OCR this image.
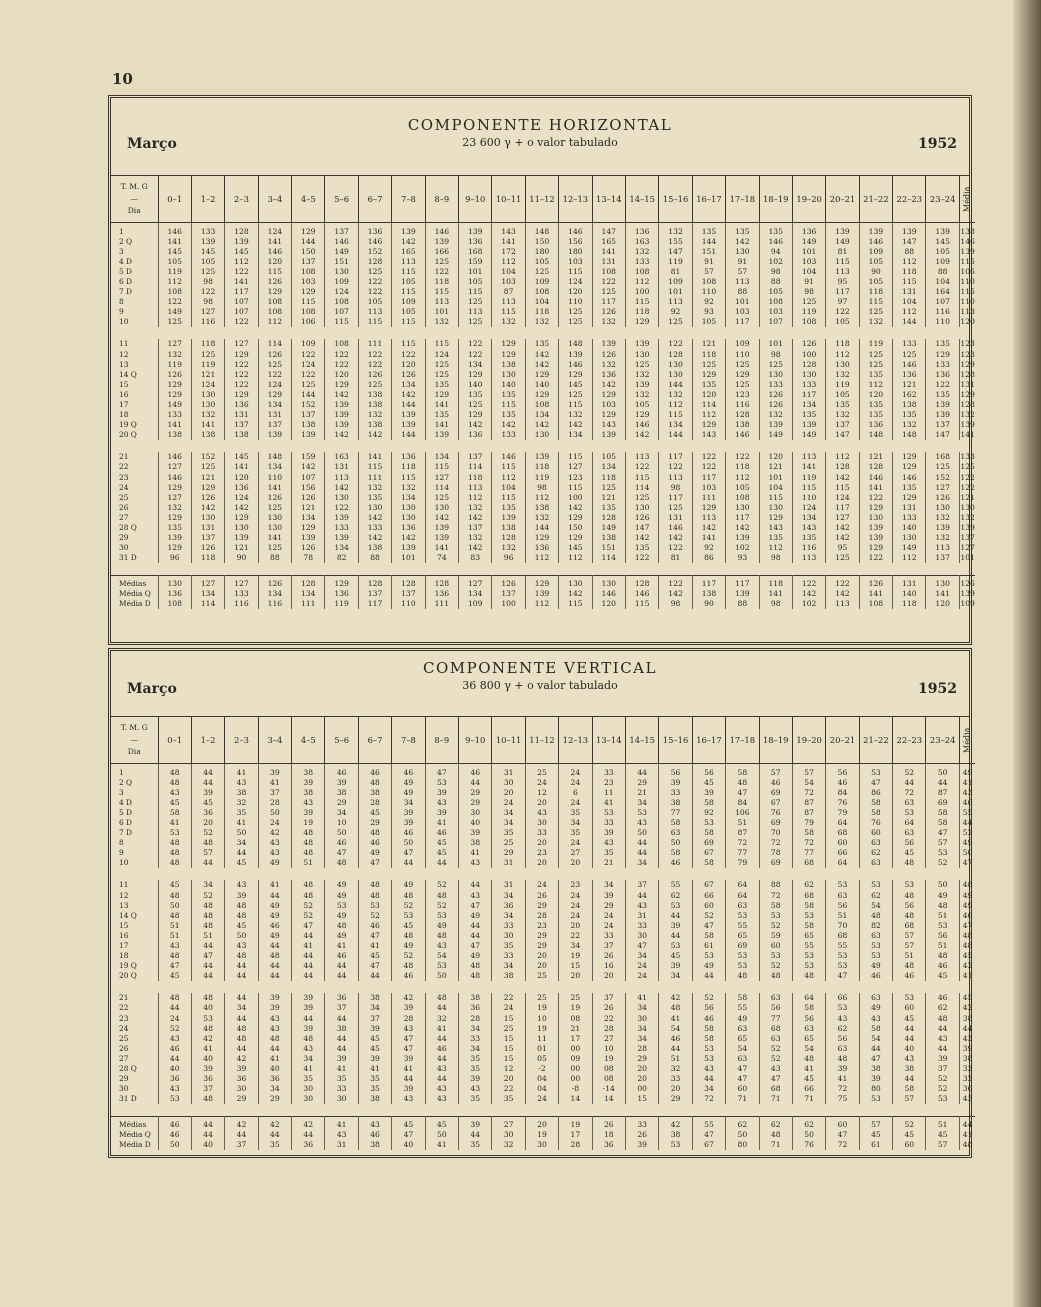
10
COMPONENTE HORIZONTAL
23 600 γ + o valor tabulado
Março	1952
T. M. G
—
Dia	0–1	1–2	2–3	3–4	4–5	5–6	6–7	7–8	8–9	9–10	10–11	11–12	12–13	13–14	14–15	15–16	16–17	17–18	18–19	19–20	20–21	21–22	22–23	23–24	Média
1	146	133	128	124	129	137	136	139	146	139	143	148	146	147	136	132	135	135	135	136	139	139	139	139	138
2 Q	141	139	139	141	144	146	146	142	139	136	141	150	156	165	163	155	144	142	146	149	149	146	147	145	146
3	145	145	145	146	150	149	152	165	166	168	172	180	180	141	132	147	151	130	94	101	81	109	88	105	139
4 D	105	105	112	120	137	151	128	113	125	159	112	105	103	131	133	119	91	91	102	103	115	105	112	109	115
5 D	119	125	122	115	108	130	125	115	122	101	104	125	115	108	108	81	57	57	98	104	113	90	118	88	106
6 D	112	98	141	126	103	109	122	105	118	105	103	109	124	122	112	109	108	113	88	91	95	105	115	104	110
7 D	108	122	117	129	129	124	122	115	115	115	87	108	120	125	100	101	110	88	105	98	117	118	131	164	115
8	122	98	107	108	115	108	105	109	113	125	113	104	110	117	115	113	92	101	108	125	97	115	104	107	110
9	149	127	107	108	108	107	113	105	101	113	115	118	125	126	118	92	93	103	103	119	122	125	112	116	113
10	125	116	122	112	106	115	115	115	132	125	132	132	125	132	129	125	105	117	107	108	105	132	144	110	120

11	127	118	127	114	109	108	111	115	115	122	129	135	148	139	139	122	121	109	101	126	118	119	133	135	123
12	132	125	129	126	122	122	122	122	124	122	129	142	139	126	130	128	118	110	98	100	112	125	125	129	123
13	119	119	122	125	124	122	122	120	125	134	138	142	146	132	125	130	125	125	125	128	130	125	146	133	129
14 Q	126	121	122	122	122	120	126	126	125	129	130	129	129	136	132	130	129	129	130	130	132	135	136	136	128
15	129	124	122	124	125	129	125	134	135	140	140	140	145	142	139	144	135	125	133	133	119	112	121	122	131
16	129	130	129	129	144	142	138	142	129	135	135	129	125	129	132	132	120	123	126	117	105	120	162	135	129
17	149	130	136	134	152	139	138	144	141	125	115	108	115	103	105	112	114	116	126	134	135	135	138	139	128
18	133	132	131	131	137	139	132	139	135	129	135	134	132	129	129	115	112	128	132	135	132	135	135	139	132
19 Q	141	141	137	137	138	139	138	139	141	142	142	142	142	143	146	134	129	138	139	139	137	136	132	137	139
20 Q	138	138	138	139	139	142	142	144	139	136	133	130	134	139	142	144	143	146	149	149	147	148	148	147	141

21	146	152	145	148	159	163	141	136	134	137	146	139	115	105	113	117	122	122	120	113	112	121	129	168	133
22	127	125	141	134	142	131	115	118	115	114	115	118	127	134	122	122	122	118	121	141	128	128	129	125	125
23	146	121	120	110	107	113	111	115	127	118	112	119	123	118	115	113	117	112	101	119	142	146	146	152	122
24	129	129	136	141	156	142	132	132	114	113	104	98	115	125	114	98	103	105	104	115	115	141	135	127	122
25	127	126	124	126	126	130	135	134	125	112	115	112	100	121	125	117	111	108	115	110	124	122	129	126	121
26	132	142	142	125	121	122	130	130	130	132	135	138	142	135	130	125	129	130	130	124	117	129	131	130	130
27	129	130	129	130	134	139	142	130	142	142	139	132	129	128	126	131	113	117	129	134	127	130	133	132	132
28 Q	135	131	130	130	129	133	133	136	139	137	138	144	150	149	147	146	142	142	143	143	142	139	140	139	139
29	139	137	139	141	139	139	142	142	139	132	128	129	129	138	142	142	141	139	135	135	142	139	130	132	137
30	129	126	121	125	126	134	138	139	141	142	132	136	145	151	135	122	92	102	112	116	95	129	149	113	127
31 D	96	118	90	88	78	82	88	101	74	83	96	112	112	114	122	81	86	93	98	113	125	122	112	137	101

Médias	130	127	127	126	128	129	128	128	128	127	126	129	130	130	128	122	117	117	118	122	122	126	131	130	126
Média Q	136	134	133	134	134	136	137	137	136	134	137	139	142	146	146	142	138	139	141	142	142	141	140	141	139
Média D	108	114	116	116	111	119	117	110	111	109	100	112	115	120	115	98	90	88	98	102	113	108	118	120	109
COMPONENTE VERTICAL
36 800 γ + o valor tabulado
Março	1952
T. M. G
—
Dia	0–1	1–2	2–3	3–4	4–5	5–6	6–7	7–8	8–9	9–10	10–11	11–12	12–13	13–14	14–15	15–16	16–17	17–18	18–19	19–20	20–21	21–22	22–23	23–24	Média
1	48	44	41	39	38	46	46	46	47	46	31	25	24	33	44	56	56	58	57	57	56	53	52	50	49
2 Q	48	44	43	41	39	39	48	49	53	44	30	24	24	23	29	39	45	48	46	54	46	47	44	44	41
3	43	39	38	37	38	38	38	49	39	29	20	12	6	11	21	33	39	47	69	72	84	86	72	87	43
4 D	45	45	32	28	43	29	28	34	43	29	24	20	24	41	34	38	58	84	67	87	76	58	63	69	46
5 D	58	36	35	50	39	34	45	39	39	30	34	43	35	53	53	77	92	106	76	87	79	58	53	58	55
6 D	41	20	41	24	19	10	29	39	41	40	34	30	34	33	43	58	53	51	69	79	64	76	64	58	44
7 D	53	52	50	42	48	50	48	46	46	39	35	33	35	39	50	63	58	87	70	58	68	60	63	47	52
8	48	48	34	43	48	46	46	50	45	38	25	20	24	43	44	50	69	72	72	72	60	63	56	57	49
9	48	57	44	43	48	47	49	47	45	41	29	23	27	35	44	58	67	77	78	77	66	62	45	53	50
10	48	44	45	49	51	48	47	44	44	43	31	20	20	21	34	46	58	79	69	68	64	63	48	52	47

11	45	34	43	41	48	49	48	49	52	44	31	24	23	34	37	55	67	64	88	62	53	53	53	50	48
12	48	52	39	44	48	49	48	48	48	43	34	26	24	39	44	62	66	64	72	68	63	62	48	49	49
13	50	48	48	49	52	53	53	52	52	47	36	29	24	29	43	53	60	63	58	58	56	54	56	48	49
14 Q	48	48	48	49	52	49	52	53	53	49	34	28	24	24	31	44	52	53	53	53	51	48	48	51	46
15	51	48	45	46	47	48	46	45	49	44	33	23	20	24	33	39	47	55	52	58	70	82	68	53	47
16	51	51	50	49	44	49	47	48	48	44	30	29	22	33	30	44	58	65	59	65	68	63	57	56	48
17	43	44	43	44	41	41	41	49	43	47	35	29	34	37	47	53	61	69	60	55	55	53	57	51	48
18	48	47	48	48	44	46	45	52	54	49	33	20	19	26	34	45	53	53	53	53	53	53	51	48	45
19 Q	47	44	44	44	44	44	47	48	53	48	34	20	15	16	24	39	49	53	52	53	53	49	48	46	42
20 Q	45	44	44	44	44	44	44	46	50	48	38	25	20	20	24	34	44	48	48	48	47	46	46	45	41

21	48	48	44	39	39	36	38	42	48	38	22	25	25	37	41	42	52	58	63	64	66	63	53	46	45
22	44	40	34	39	39	37	34	39	44	36	24	19	19	26	34	48	56	55	56	58	53	49	60	62	42
23	24	53	44	43	44	44	37	28	32	28	15	10	08	22	30	41	46	49	77	56	43	43	45	48	38
24	52	48	48	43	39	38	39	43	41	34	25	19	21	28	34	54	58	63	68	63	62	58	44	44	44
25	43	42	48	48	48	44	45	47	44	33	15	11	17	27	34	46	58	65	63	65	56	54	44	43	43
26	46	41	44	44	43	44	45	47	46	34	15	01	00	10	28	44	53	54	52	54	63	44	40	44	39
27	44	40	42	41	34	39	39	39	44	35	15	05	09	19	29	51	53	63	52	48	48	47	43	39	38
28 Q	40	39	39	40	41	41	41	41	43	35	12	-2	00	08	20	32	43	47	43	41	39	38	38	37	33
29	36	36	36	36	35	35	35	44	44	39	20	04	00	08	20	33	44	47	47	45	41	39	44	52	32
30	43	37	30	34	30	33	35	39	43	43	22	04	-8	-14	00	20	34	60	68	66	72	80	58	52	36
31 D	53	48	29	29	30	30	38	43	43	35	35	24	14	14	15	29	72	71	71	71	75	53	57	53	43

Médias	46	44	42	42	42	41	43	45	45	39	27	20	19	26	33	42	55	62	62	62	60	57	52	51	44
Média Q	46	44	44	44	44	43	46	47	50	44	30	19	17	18	26	38	47	50	48	50	47	45	45	45	41
Média D	50	40	37	35	36	31	38	40	41	35	32	30	28	36	39	53	67	80	71	76	72	61	60	57	48
